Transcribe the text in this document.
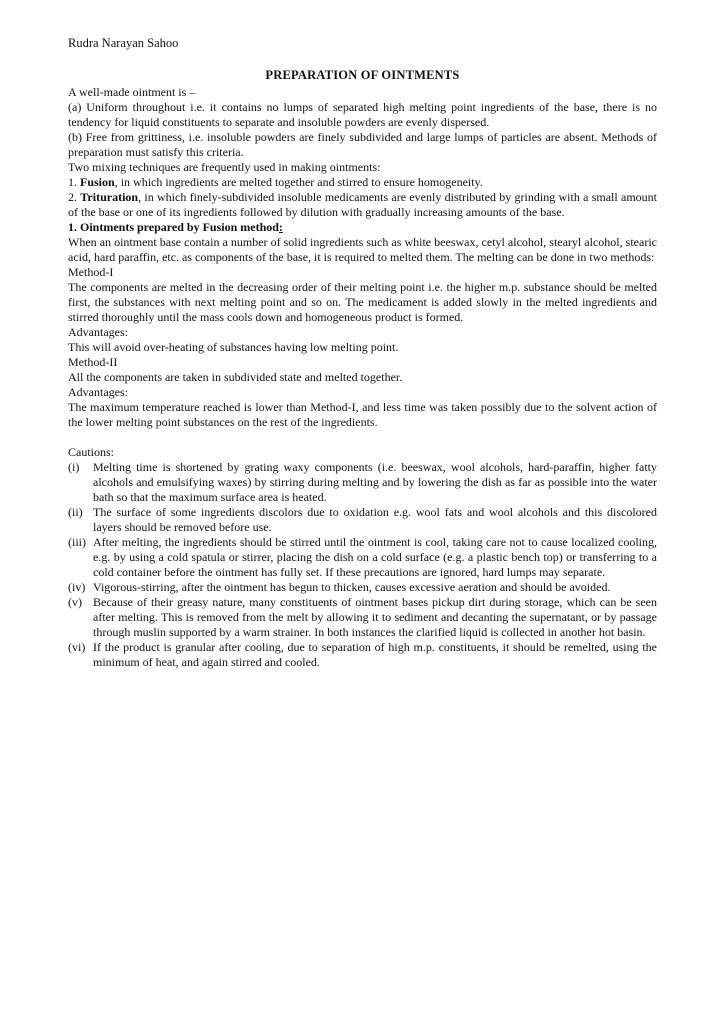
Rudra Narayan Sahoo
PREPARATION OF OINTMENTS

A well-made ointment is –

(a) Uniform throughout i.e. it contains no lumps of separated high melting point ingredients of the base, there is no tendency for liquid constituents to separate and insoluble powders are evenly dispersed.

(b) Free from grittiness, i.e. insoluble powders are finely subdivided and large lumps of particles are absent. Methods of preparation must satisfy this criteria.

Two mixing techniques are frequently used in making ointments:

1. Fusion, in which ingredients are melted together and stirred to ensure homogeneity.

2. Trituration, in which finely-subdivided insoluble medicaments are evenly distributed by grinding with a small amount of the base or one of its ingredients followed by dilution with gradually increasing amounts of the base.

1. Ointments prepared by Fusion method:

When an ointment base contain a number of solid ingredients such as white beeswax, cetyl alcohol, stearyl alcohol, stearic acid, hard paraffin, etc. as components of the base, it is required to melted them. The melting can be done in two methods:

Method-I

The components are melted in the decreasing order of their melting point i.e. the higher m.p. substance should be melted first, the substances with next melting point and so on. The medicament is added slowly in the melted ingredients and stirred thoroughly until the mass cools down and homogeneous product is formed.

Advantages:

This will avoid over-heating of substances having low melting point.

Method-II

All the components are taken in subdivided state and melted together.

Advantages:

The maximum temperature reached is lower than Method-I, and less time was taken possibly due to the solvent action of the lower melting point substances on the rest of the ingredients.

Cautions:

(i) Melting time is shortened by grating waxy components (i.e. beeswax, wool alcohols, hard-paraffin, higher fatty alcohols and emulsifying waxes) by stirring during melting and by lowering the dish as far as possible into the water bath so that the maximum surface area is heated.

(ii) The surface of some ingredients discolors due to oxidation e.g. wool fats and wool alcohols and this discolored layers should be removed before use.

(iii) After melting, the ingredients should be stirred until the ointment is cool, taking care not to cause localized cooling, e.g. by using a cold spatula or stirrer, placing the dish on a cold surface (e.g. a plastic bench top) or transferring to a cold container before the ointment has fully set. If these precautions are ignored, hard lumps may separate.

(iv) Vigorous-stirring, after the ointment has begun to thicken, causes excessive aeration and should be avoided.

(v) Because of their greasy nature, many constituents of ointment bases pickup dirt during storage, which can be seen after melting. This is removed from the melt by allowing it to sediment and decanting the supernatant, or by passage through muslin supported by a warm strainer. In both instances the clarified liquid is collected in another hot basin.

(vi) If the product is granular after cooling, due to separation of high m.p. constituents, it should be remelted, using the minimum of heat, and again stirred and cooled.
